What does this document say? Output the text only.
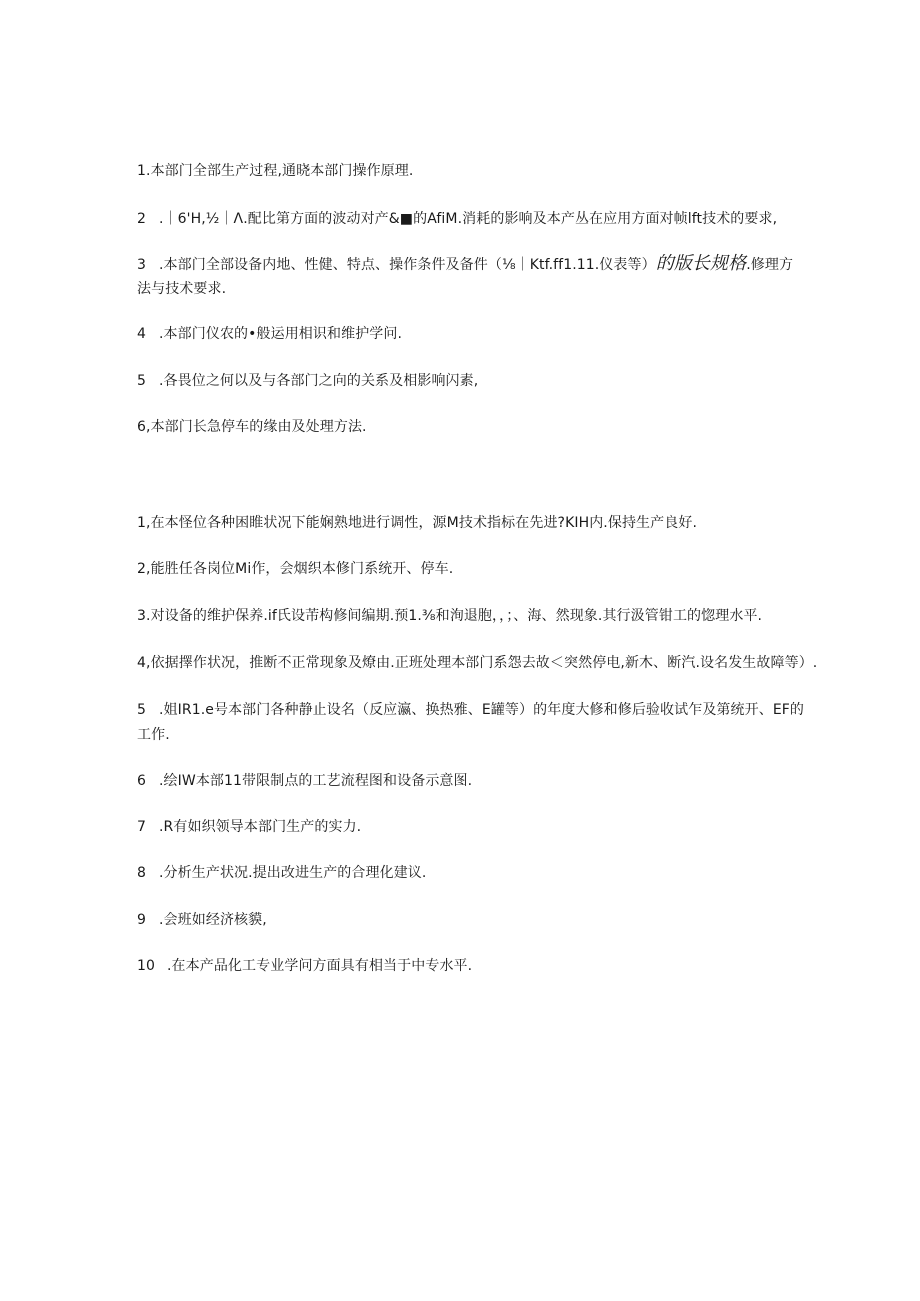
1.本部门全部生产过程,通晓本部门操作原理.
2 .｜6'H,½｜Λ.配比第方面的波动对产&■的AfiM.消耗的影响及本产丛在应用方面对帧lft技术的要求,
3 .本部门全部设备内地、性健、特点、操作条件及备件（⅛｜Ktf.ff1.11.仪表等）的版长规格.修理方
法与技术要求.
4 .本部门仪农的•般运用相识和维护学问.
5 .各畏位之何以及与各部门之向的关系及相影响闪素,
6,本部门长急停车的缘由及处理方法.
1,在本怪位各种困睢状况下能娴熟地进行调性，源M技术指标在先进?KIH内.保持生产良好.
2,能胜任各岗位Mi作，会烟织本修门系统开、停车.
3.对设备的维护保养.if氏设芾构修间编期.预1.⅜和洵退胞，，；、海、然现象.其行汲管钳工的惚理水平.
4,依据擇作状况，推断不正常现象及燎由.正班处理本部门系怨去故＜突然停电,新木、断汽.设名发生故障等）.
5 .姐IR1.e号本部门各种静止设名（反应瀛、换热雅、E罐等）的年度大修和修后验收试乍及第统开、EF的
工作.
6 .绘IW本部11带限制点的工艺流程图和设备示意图.
7 .R有如织领导本部门生产的实力.
8 .分析生产状况.提出改进生产的合理化建议.
9 .会班如经济核貘,
10 .在本产品化工专业学问方面具有相当于中专水平.
